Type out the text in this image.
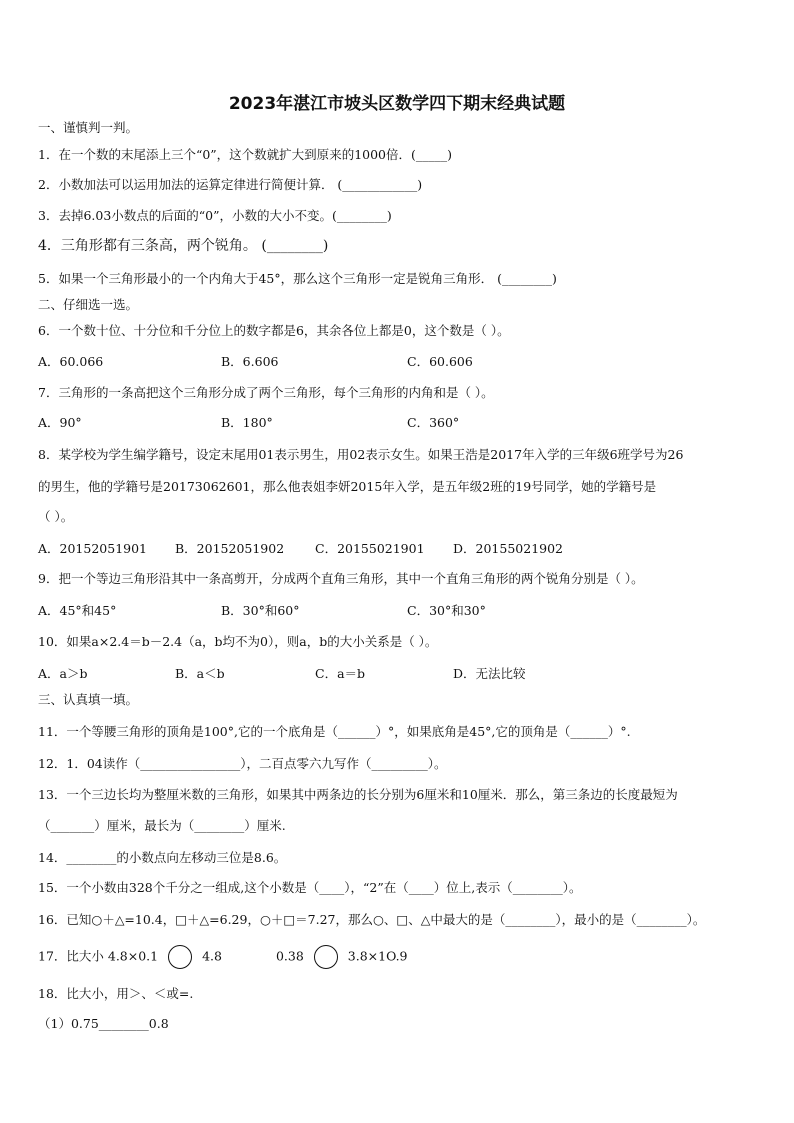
2023年湛江市坡头区数学四下期末经典试题
一、谨慎判一判。
1．在一个数的末尾添上三个“0”，这个数就扩大到原来的1000倍．(_____)
2．小数加法可以运用加法的运算定律进行简便计算． (____________)
3．去掉6.03小数点的后面的“0”，小数的大小不变。(________)
4．三角形都有三条高，两个锐角。 (________)
5．如果一个三角形最小的一个内角大于45°，那么这个三角形一定是锐角三角形． (________)
二、仔细选一选。
6．一个数十位、十分位和千分位上的数字都是6，其余各位上都是0，这个数是（ ）。
A．60.066	B．6.606	C．60.606
7．三角形的一条高把这个三角形分成了两个三角形，每个三角形的内角和是（ ）。
A．90°	B．180°	C．360°
8．某学校为学生编学籍号，设定末尾用01表示男生，用02表示女生。如果王浩是2017年入学的三年级6班学号为26
的男生，他的学籍号是20173062601，那么他表姐李妍2015年入学，是五年级2班的19号同学，她的学籍号是
（ ）。
A．20152051901 B．20152051902 C．20155021901 D．20155021902
9．把一个等边三角形沿其中一条高剪开，分成两个直角三角形，其中一个直角三角形的两个锐角分别是（ ）。
A．45°和45°	B．30°和60°	C．30°和30°
10．如果a×2.4＝b－2.4（a，b均不为0），则a，b的大小关系是（ ）。
A．a＞b	B．a＜b	C．a＝b	D．无法比较
三、认真填一填。
11．一个等腰三角形的顶角是100°,它的一个底角是（______）°，如果底角是45°,它的顶角是（______）°.
12．1．04读作（________________），二百点零六九写作（_________）。
13．一个三边长均为整厘米数的三角形，如果其中两条边的长分别为6厘米和10厘米．那么，第三条边的长度最短为
（_______）厘米，最长为（________）厘米.
14．________的小数点向左移动三位是8.6。
15．一个小数由328个千分之一组成,这个小数是（____），“2”在（____）位上,表示（________）。
16．已知○＋△=10.4，□＋△=6.29，○＋□＝7.27，那么○、□、△中最大的是（________），最小的是（________）。
17．比大小 4.8×0.1	4.8	0.38	3.8×1O.9
18．比大小，用＞、＜或=.
（1）0.75________0.8
